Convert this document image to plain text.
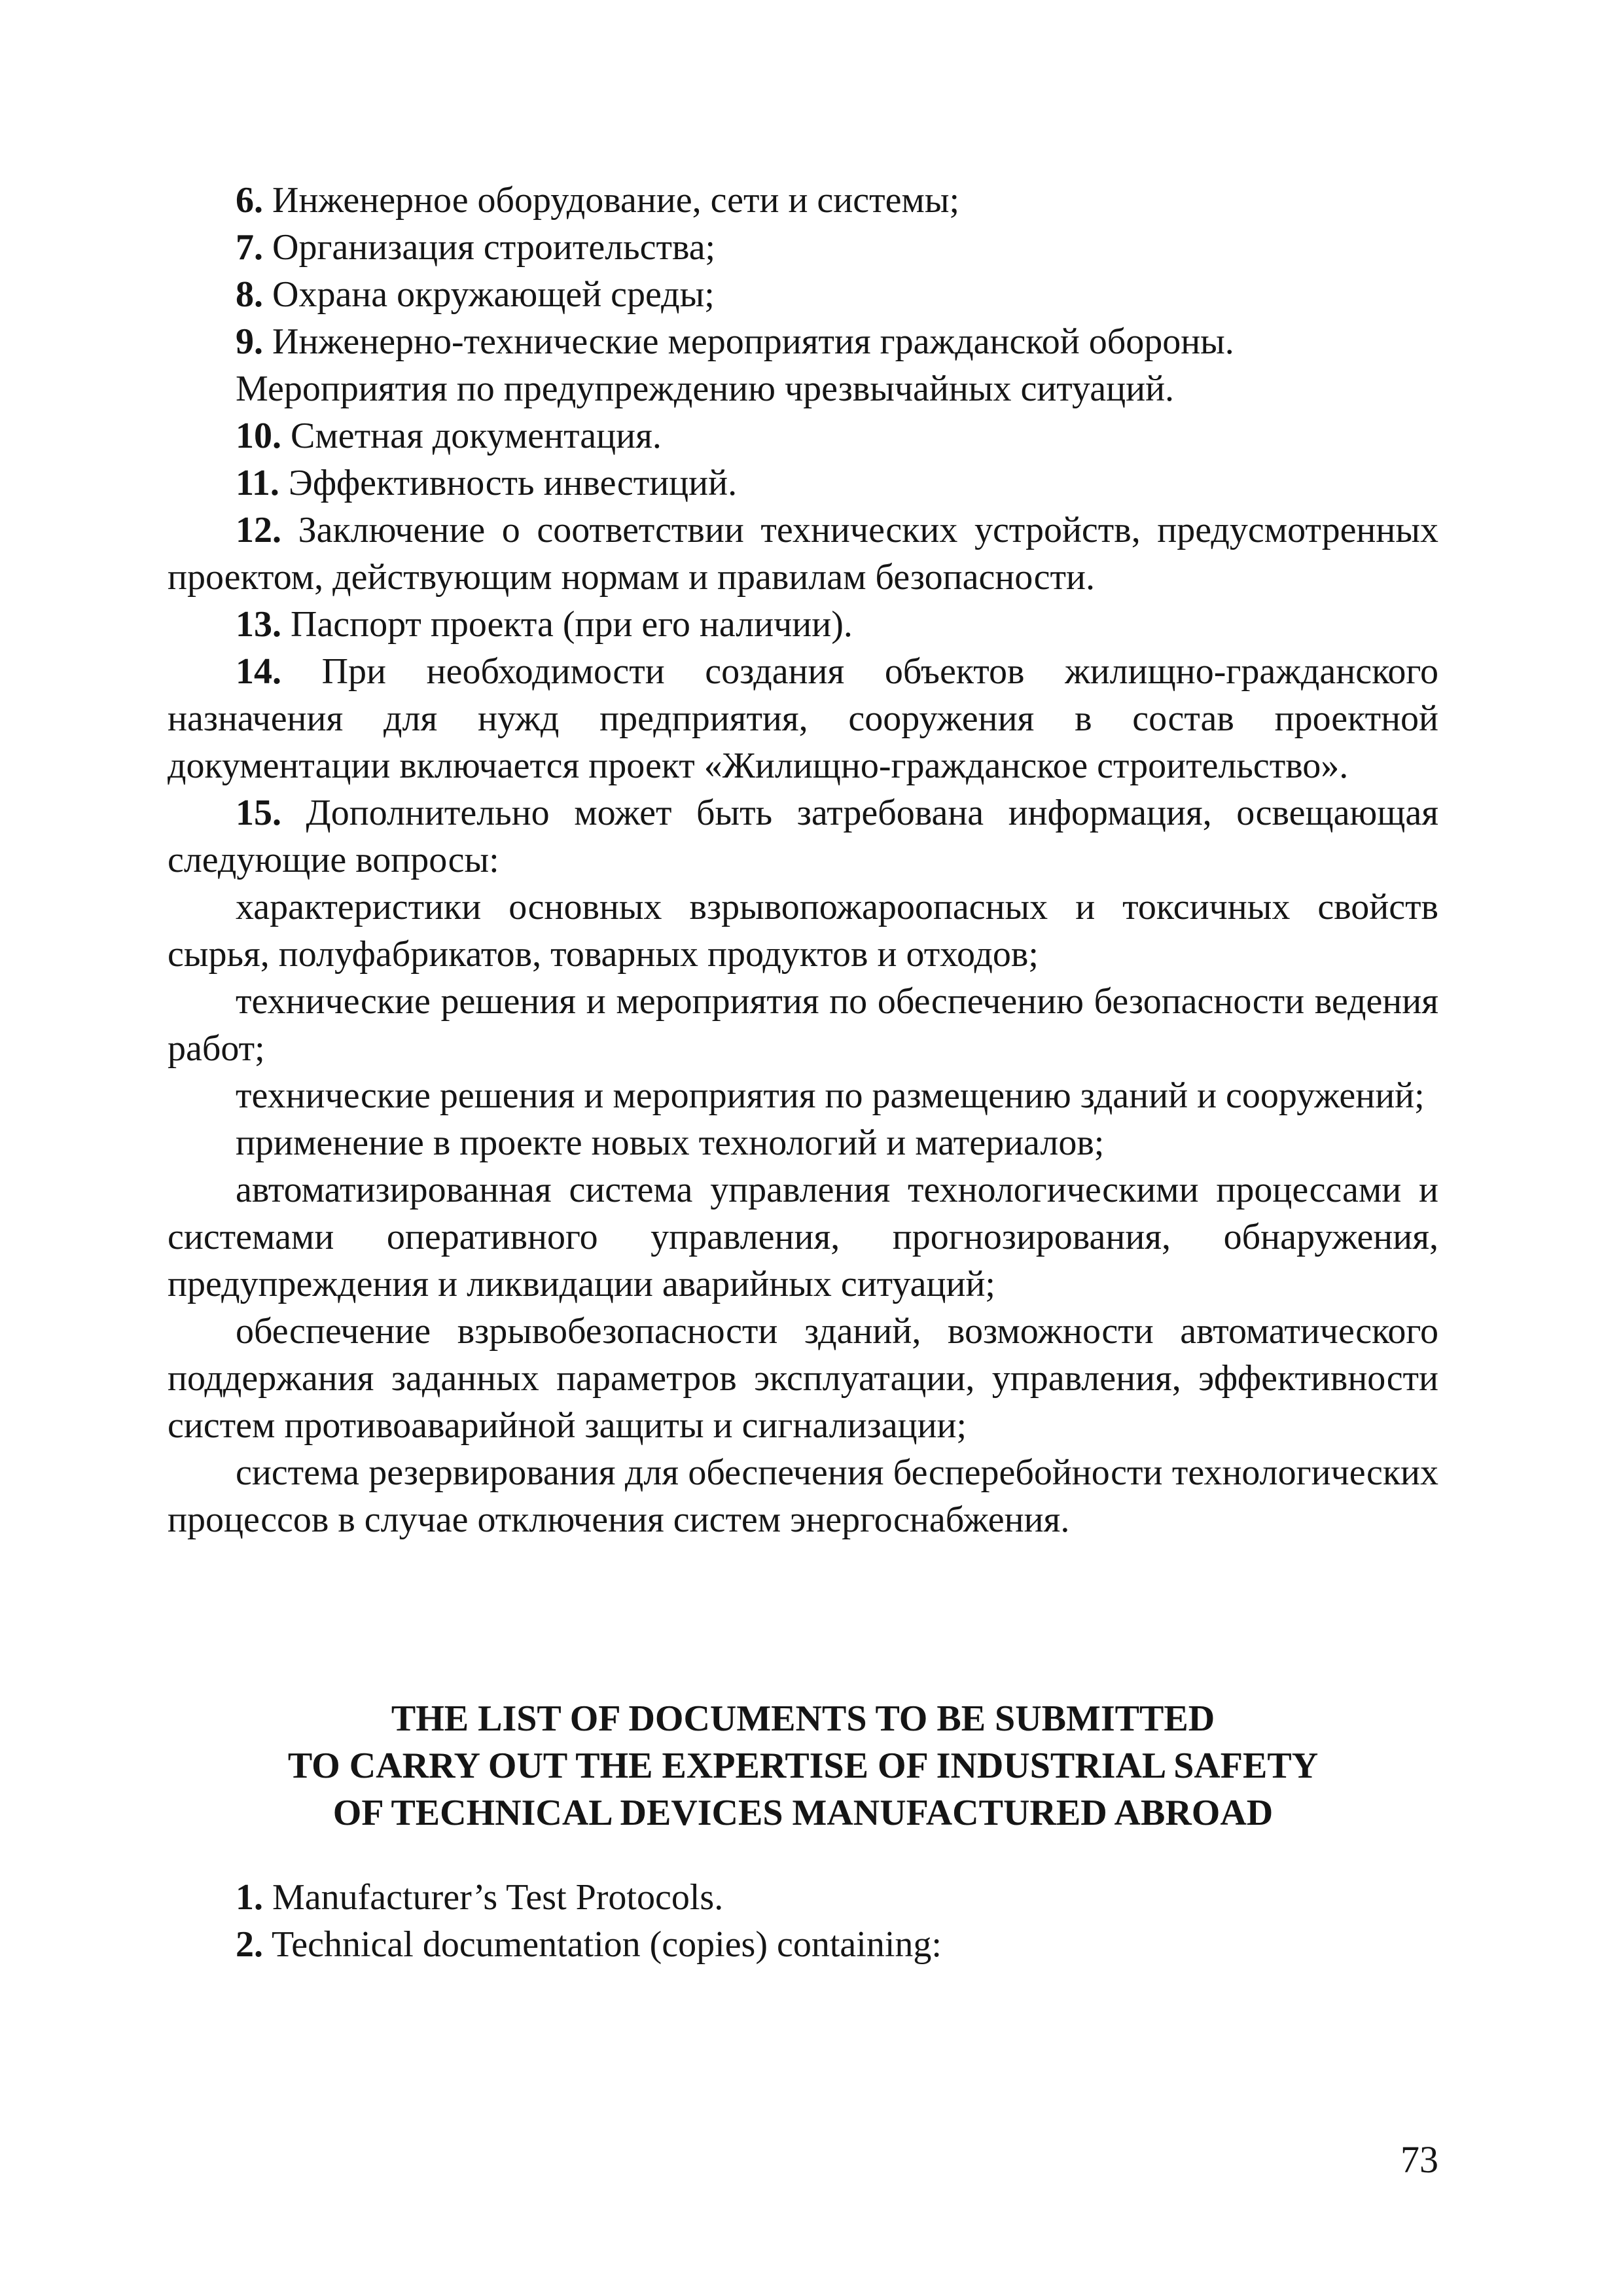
6. Инженерное оборудование, сети и системы;

7. Организация строительства;

8. Охрана окружающей среды;

9. Инженерно-технические мероприятия гражданской обороны.

Мероприятия по предупреждению чрезвычайных ситуаций.

10. Сметная документация.

11. Эффективность инвестиций.

12. Заключение о соответствии технических устройств, предусмотренных проектом, действующим нормам и правилам безопасности.

13. Паспорт проекта (при его наличии).

14. При необходимости создания объектов жилищно-гражданского назначения для нужд предприятия, сооружения в состав проектной документации включается проект «Жилищно-гражданское строительство».

15. Дополнительно может быть затребована информация, освещающая следующие вопросы:

характеристики основных взрывопожароопасных и токсичных свойств сырья, полуфабрикатов, товарных продуктов и отходов;

технические решения и мероприятия по обеспечению безопасности ведения работ;

технические решения и мероприятия по размещению зданий и сооружений;

применение в проекте новых технологий и материалов;

автоматизированная система управления технологическими процессами и системами оперативного управления, прогнозирования, обнаружения, предупреждения и ликвидации аварийных ситуаций;

обеспечение взрывобезопасности зданий, возможности автоматического поддержания заданных параметров эксплуатации, управления, эффективности систем противоаварийной защиты и сигнализации;

система резервирования для обеспечения бесперебойности технологических процессов в случае отключения систем энергоснабжения.

THE LIST OF DOCUMENTS TO BE SUBMITTED
TO CARRY OUT THE EXPERTISE OF INDUSTRIAL SAFETY
OF TECHNICAL DEVICES MANUFACTURED ABROAD

1. Manufacturer’s Test Protocols.

2. Technical documentation (copies) containing:

73
